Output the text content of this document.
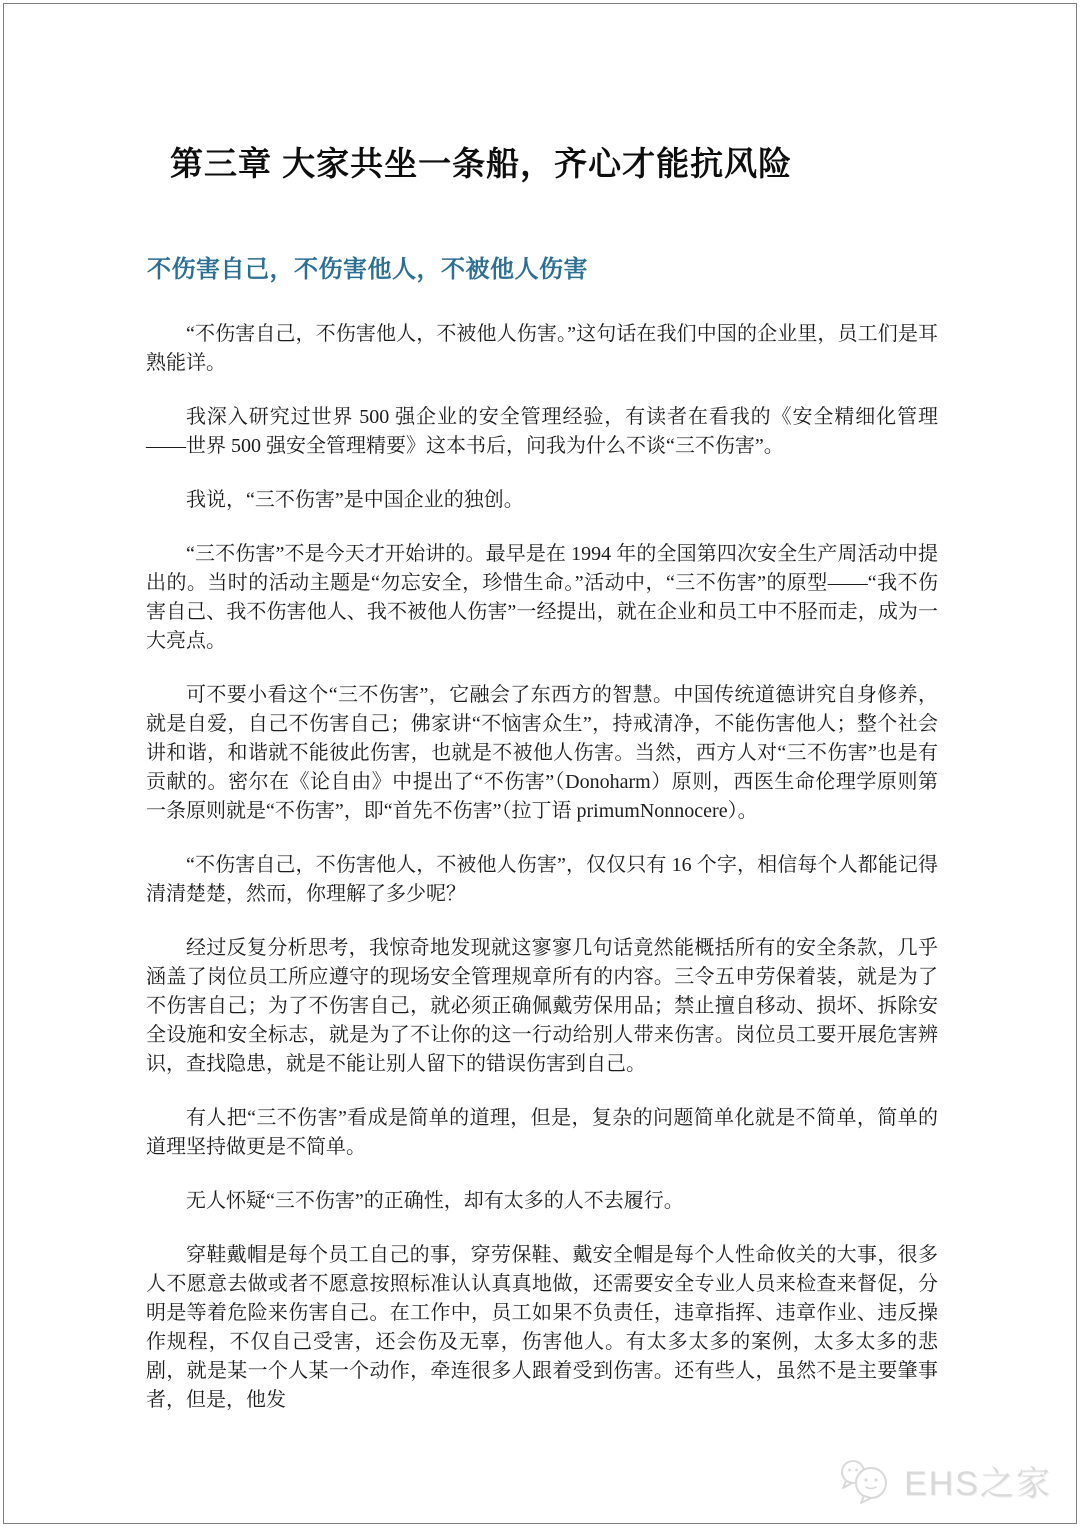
第三章 大家共坐一条船，齐心才能抗风险
不伤害自己，不伤害他人，不被他人伤害

“不伤害自己，不伤害他人，不被他人伤害。”这句话在我们中国的企业里，员工们是耳熟能详。

我深入研究过世界 500 强企业的安全管理经验，有读者在看我的《安全精细化管理——世界 500 强安全管理精要》这本书后，问我为什么不谈“三不伤害”。

我说，“三不伤害”是中国企业的独创。

“三不伤害”不是今天才开始讲的。最早是在 1994 年的全国第四次安全生产周活动中提出的。当时的活动主题是“勿忘安全，珍惜生命。”活动中，“三不伤害”的原型——“我不伤害自己、我不伤害他人、我不被他人伤害”一经提出，就在企业和员工中不胫而走，成为一大亮点。

可不要小看这个“三不伤害”，它融会了东西方的智慧。中国传统道德讲究自身修养，就是自爱，自己不伤害自己；佛家讲“不恼害众生”，持戒清净，不能伤害他人；整个社会讲和谐，和谐就不能彼此伤害，也就是不被他人伤害。当然，西方人对“三不伤害”也是有贡献的。密尔在《论自由》中提出了“不伤害”（Donoharm）原则，西医生命伦理学原则第一条原则就是“不伤害”，即“首先不伤害”（拉丁语 primumNonnocere）。

“不伤害自己，不伤害他人，不被他人伤害”，仅仅只有 16 个字，相信每个人都能记得清清楚楚，然而，你理解了多少呢？

经过反复分析思考，我惊奇地发现就这寥寥几句话竟然能概括所有的安全条款，几乎涵盖了岗位员工所应遵守的现场安全管理规章所有的内容。三令五申劳保着装，就是为了不伤害自己；为了不伤害自己，就必须正确佩戴劳保用品；禁止擅自移动、损坏、拆除安全设施和安全标志，就是为了不让你的这一行动给别人带来伤害。岗位员工要开展危害辨识，查找隐患，就是不能让别人留下的错误伤害到自己。

有人把“三不伤害”看成是简单的道理，但是，复杂的问题简单化就是不简单，简单的道理坚持做更是不简单。

无人怀疑“三不伤害”的正确性，却有太多的人不去履行。

穿鞋戴帽是每个员工自己的事，穿劳保鞋、戴安全帽是每个人性命攸关的大事，很多人不愿意去做或者不愿意按照标准认认真真地做，还需要安全专业人员来检查来督促，分明是等着危险来伤害自己。在工作中，员工如果不负责任，违章指挥、违章作业、违反操作规程，不仅自己受害，还会伤及无辜，伤害他人。有太多太多的案例，太多太多的悲剧，就是某一个人某一个动作，牵连很多人跟着受到伤害。还有些人，虽然不是主要肇事者，但是，他发

EHS之家
